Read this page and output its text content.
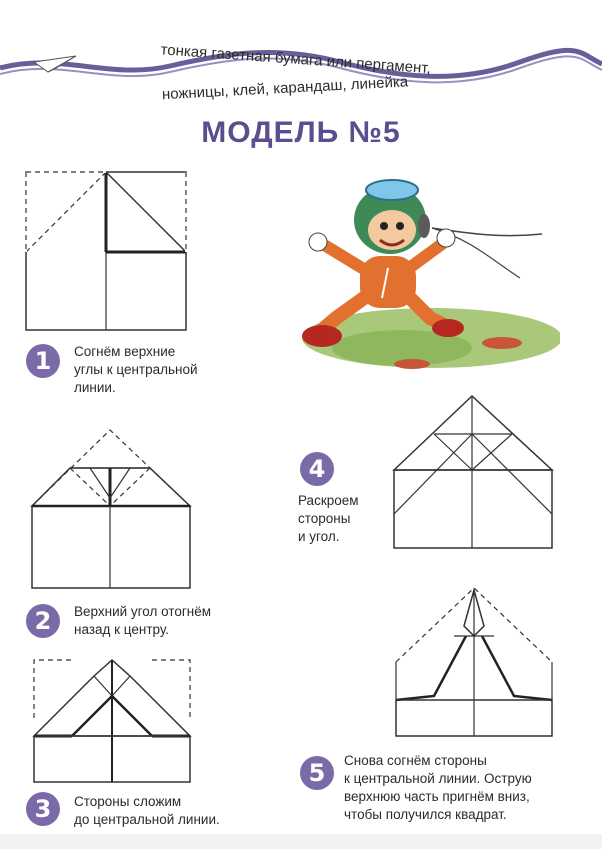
тонкая газетная бумага или пергамент,
ножницы, клей, карандаш, линейка
МОДЕЛЬ №5
1	Согнём верхние
углы к центральной
линии.
2	Верхний угол отогнём
назад к центру.
3	Стороны сложим
до центральной линии.
4
Раскроем
стороны
и угол.
5	Снова согнём стороны
к центральной линии. Острую
верхнюю часть пригнём вниз,
чтобы получился квадрат.
